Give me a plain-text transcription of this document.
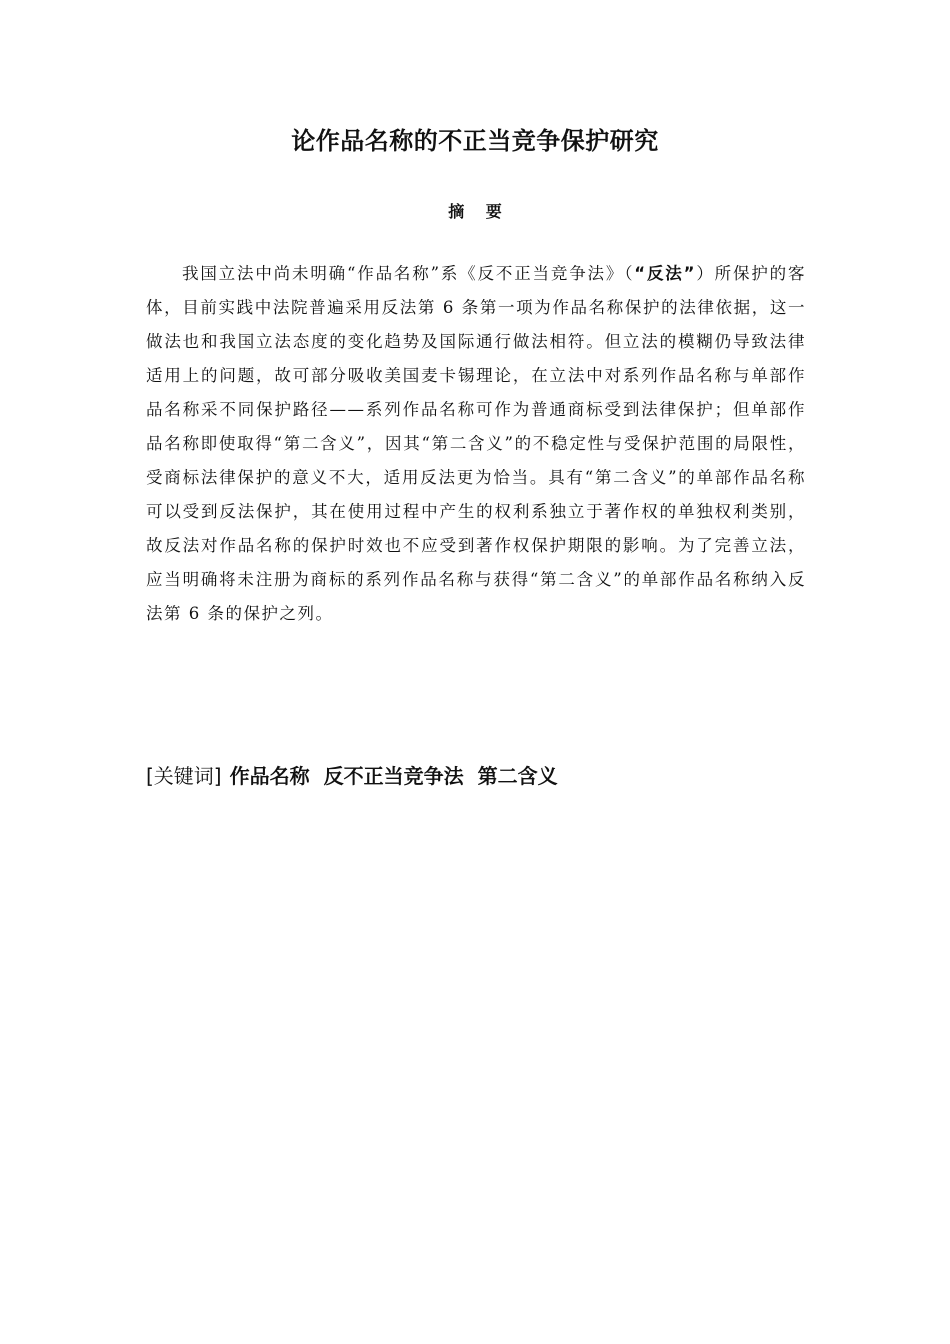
论作品名称的不正当竞争保护研究
摘 要

我国立法中尚未明确“作品名称”系《反不正当竞争法》（“反法”）所保护的客体，目前实践中法院普遍采用反法第 6 条第一项为作品名称保护的法律依据，这一做法也和我国立法态度的变化趋势及国际通行做法相符。但立法的模糊仍导致法律适用上的问题，故可部分吸收美国麦卡锡理论，在立法中对系列作品名称与单部作品名称采不同保护路径——系列作品名称可作为普通商标受到法律保护；但单部作品名称即使取得“第二含义”，因其“第二含义”的不稳定性与受保护范围的局限性，受商标法律保护的意义不大，适用反法更为恰当。具有“第二含义”的单部作品名称可以受到反法保护，其在使用过程中产生的权利系独立于著作权的单独权利类别，故反法对作品名称的保护时效也不应受到著作权保护期限的影响。为了完善立法，应当明确将未注册为商标的系列作品名称与获得“第二含义”的单部作品名称纳入反法第 6 条的保护之列。

[关键词] 作品名称 反不正当竞争法 第二含义
